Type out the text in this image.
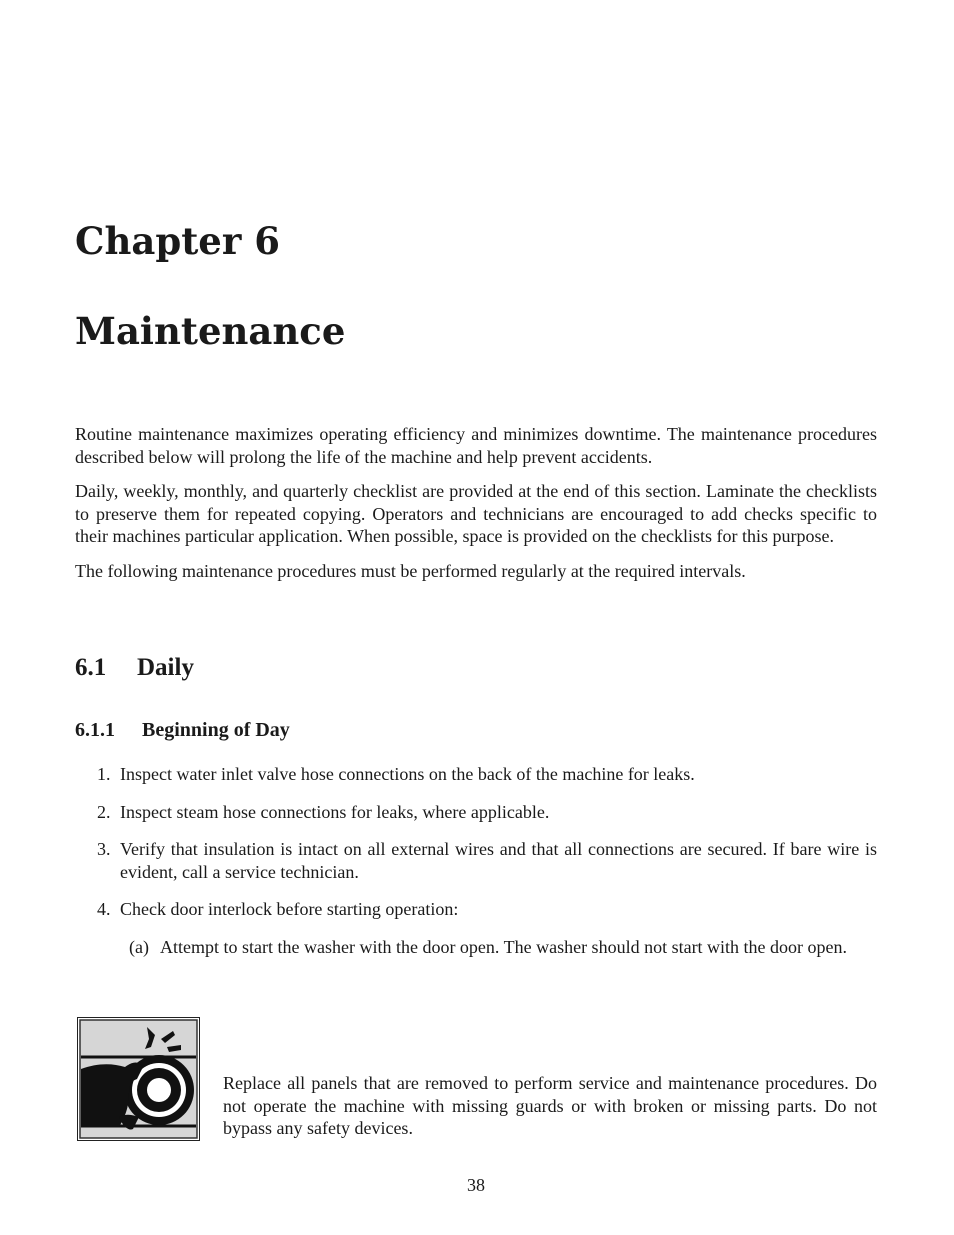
Chapter 6
Maintenance

Routine maintenance maximizes operating efficiency and minimizes downtime. The maintenance procedures described below will prolong the life of the machine and help prevent accidents.

Daily, weekly, monthly, and quarterly checklist are provided at the end of this section. Laminate the checklists to preserve them for repeated copying. Operators and technicians are encouraged to add checks specific to their machines particular application. When possible, space is provided on the checklists for this purpose.

The following maintenance procedures must be performed regularly at the required intervals.

6.1 Daily
6.1.1 Beginning of Day
1. Inspect water inlet valve hose connections on the back of the machine for leaks.
2. Inspect steam hose connections for leaks, where applicable.
3. Verify that insulation is intact on all external wires and that all connections are secured. If bare wire is evident, call a service technician.
4. Check door interlock before starting operation:
(a) Attempt to start the washer with the door open. The washer should not start with the door open.

Replace all panels that are removed to perform service and maintenance procedures. Do not operate the machine with missing guards or with broken or missing parts. Do not bypass any safety devices.

38
